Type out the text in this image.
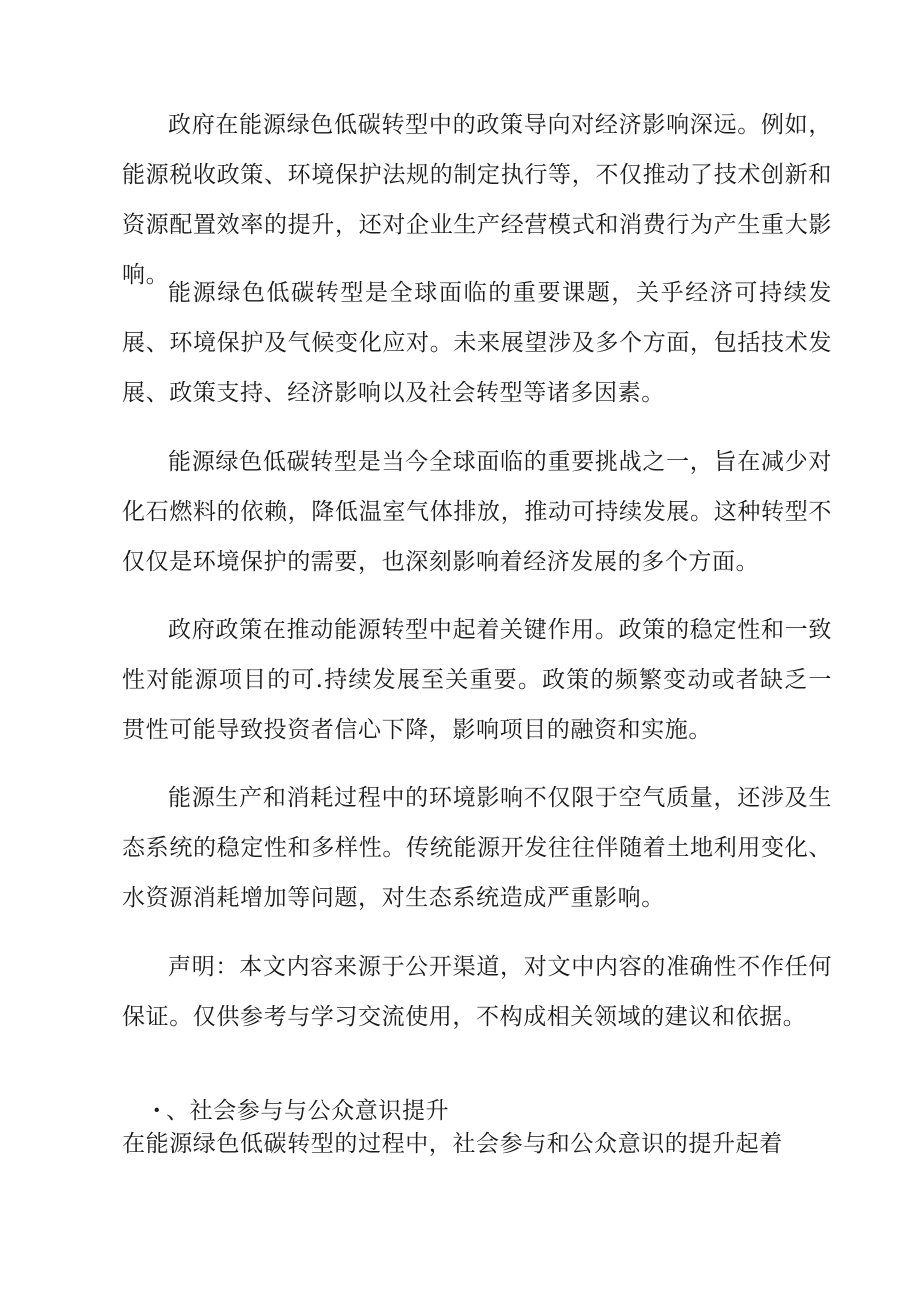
政府在能源绿色低碳转型中的政策导向对经济影响深远。例如，能源税收政策、环境保护法规的制定执行等，不仅推动了技术创新和资源配置效率的提升，还对企业生产经营模式和消费行为产生重大影响。

能源绿色低碳转型是全球面临的重要课题，关乎经济可持续发展、环境保护及气候变化应对。未来展望涉及多个方面，包括技术发展、政策支持、经济影响以及社会转型等诸多因素。

能源绿色低碳转型是当今全球面临的重要挑战之一，旨在减少对化石燃料的依赖，降低温室气体排放，推动可持续发展。这种转型不仅仅是环境保护的需要，也深刻影响着经济发展的多个方面。

政府政策在推动能源转型中起着关键作用。政策的稳定性和一致性对能源项目的可.持续发展至关重要。政策的频繁变动或者缺乏一贯性可能导致投资者信心下降，影响项目的融资和实施。

能源生产和消耗过程中的环境影响不仅限于空气质量，还涉及生态系统的稳定性和多样性。传统能源开发往往伴随着土地利用变化、水资源消耗增加等问题，对生态系统造成严重影响。

声明：本文内容来源于公开渠道，对文中内容的准确性不作任何保证。仅供参考与学习交流使用，不构成相关领域的建议和依据。

· 、社会参与与公众意识提升

在能源绿色低碳转型的过程中，社会参与和公众意识的提升起着
